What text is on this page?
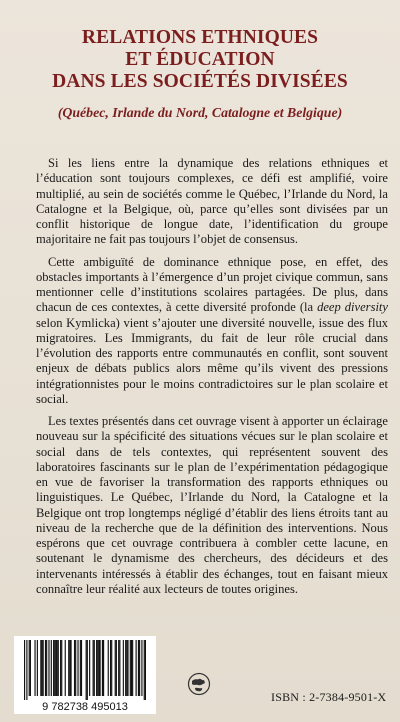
RELATIONS ETHNIQUES
ET ÉDUCATION
DANS LES SOCIÉTÉS DIVISÉES
(Québec, Irlande du Nord, Catalogne et Belgique)

Si les liens entre la dynamique des relations ethniques et l’éducation sont toujours complexes, ce défi est amplifié, voire multiplié, au sein de sociétés comme le Québec, l’Irlande du Nord, la Catalogne et la Belgique, où, parce qu’elles sont divisées par un conflit historique de longue date, l’identification du groupe majoritaire ne fait pas toujours l’objet de consensus.

Cette ambiguïté de dominance ethnique pose, en effet, des obstacles importants à l’émergence d’un projet civique commun, sans mentionner celle d’institutions scolaires partagées. De plus, dans chacun de ces contextes, à cette diversité profonde (la deep diversity selon Kymlicka) vient s’ajouter une diversité nouvelle, issue des flux migratoires. Les Immigrants, du fait de leur rôle crucial dans l’évolution des rapports entre communautés en conflit, sont souvent enjeux de débats publics alors même qu’ils vivent des pressions intégrationnistes pour le moins contradictoires sur le plan scolaire et social.

Les textes présentés dans cet ouvrage visent à apporter un éclairage nouveau sur la spécificité des situations vécues sur le plan scolaire et social dans de tels contextes, qui représentent souvent des laboratoires fascinants sur le plan de l’expérimentation pédagogique en vue de favoriser la transformation des rapports ethniques ou linguistiques. Le Québec, l’Irlande du Nord, la Catalogne et la Belgique ont trop longtemps négligé d’établir des liens étroits tant au niveau de la recherche que de la définition des interventions. Nous espérons que cet ouvrage contribuera à combler cette lacune, en soutenant le dynamisme des chercheurs, des décideurs et des intervenants intéressés à établir des échanges, tout en faisant mieux connaître leur réalité aux lecteurs de toutes origines.

9 782738 495013
ISBN : 2-7384-9501-X
